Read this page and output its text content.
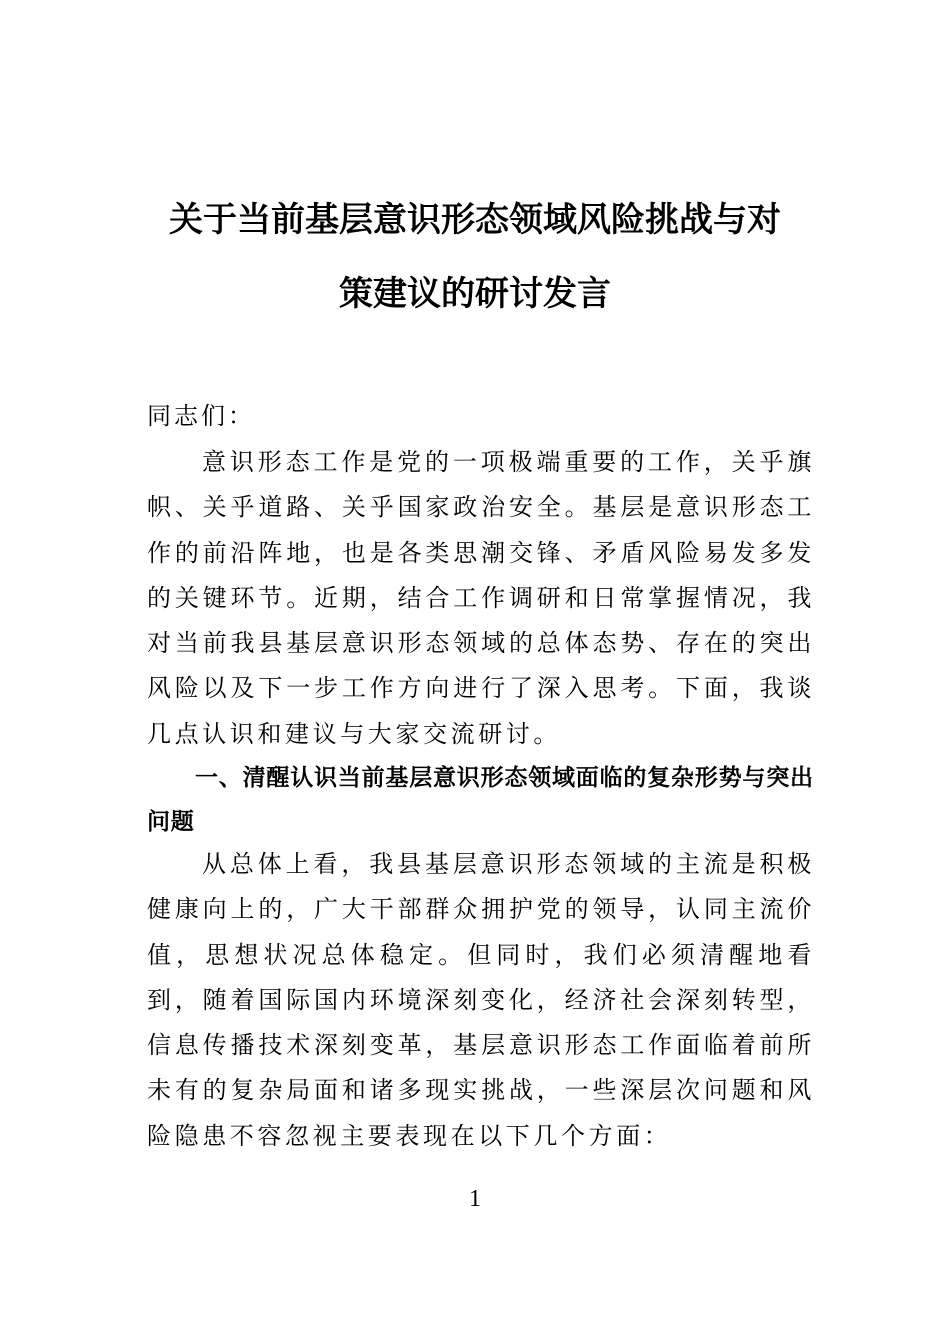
关于当前基层意识形态领域风险挑战与对
策建议的研讨发言
同志们：

意识形态工作是党的一项极端重要的工作，关乎旗帜、关乎道路、关乎国家政治安全。基层是意识形态工作的前沿阵地，也是各类思潮交锋、矛盾风险易发多发的关键环节。近期，结合工作调研和日常掌握情况，我对当前我县基层意识形态领域的总体态势、存在的突出风险以及下一步工作方向进行了深入思考。下面，我谈几点认识和建议与大家交流研讨。

一、清醒认识当前基层意识形态领域面临的复杂形势与突出问题

从总体上看，我县基层意识形态领域的主流是积极健康向上的，广大干部群众拥护党的领导，认同主流价值，思想状况总体稳定。但同时，我们必须清醒地看到，随着国际国内环境深刻变化，经济社会深刻转型，信息传播技术深刻变革，基层意识形态工作面临着前所未有的复杂局面和诸多现实挑战，一些深层次问题和风险隐患不容忽视主要表现在以下几个方面：

1
